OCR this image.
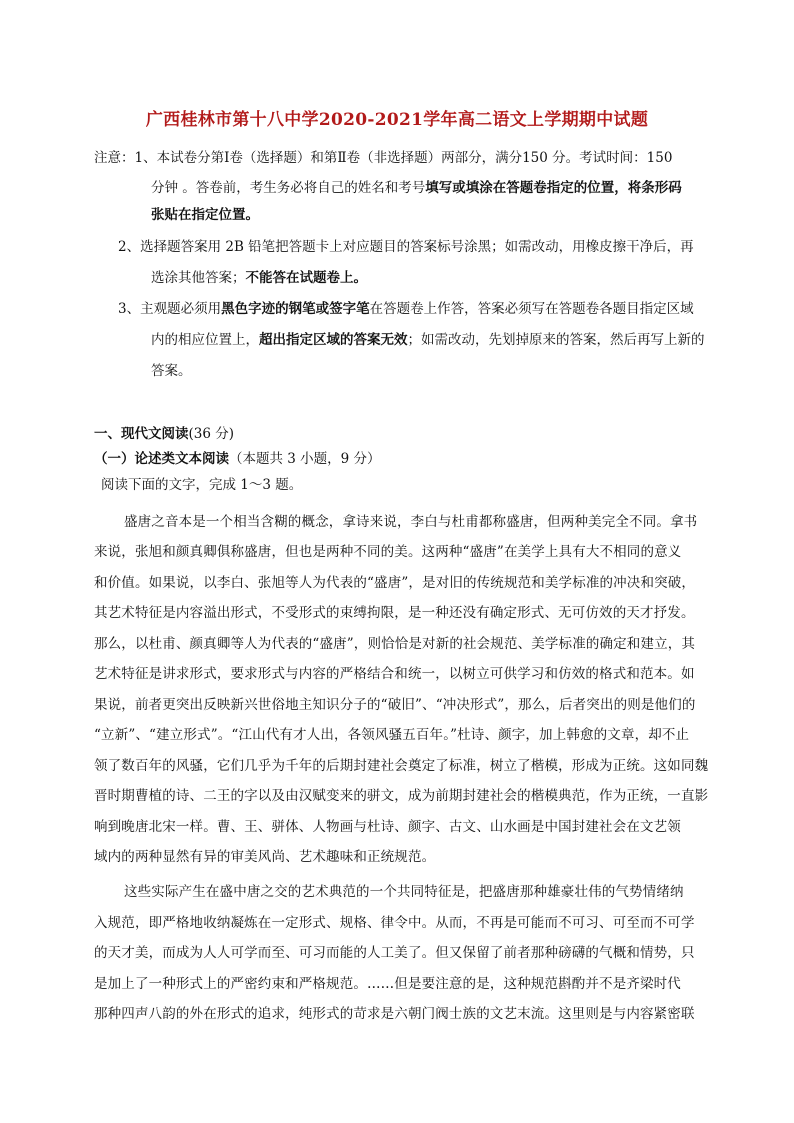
广西桂林市第十八中学2020-2021学年高二语文上学期期中试题
注意：1、本试卷分第Ⅰ卷（选择题）和第Ⅱ卷（非选择题）两部分，满分150 分。考试时间：150
分钟 。答卷前，考生务必将自己的姓名和考号填写或填涂在答题卷指定的位置，将条形码
张贴在指定位置。
2、选择题答案用 2B 铅笔把答题卡上对应题目的答案标号涂黑；如需改动，用橡皮擦干净后，再
选涂其他答案；不能答在试题卷上。
3、主观题必须用黑色字迹的钢笔或签字笔在答题卷上作答，答案必须写在答题卷各题目指定区域
内的相应位置上，超出指定区域的答案无效；如需改动，先划掉原来的答案，然后再写上新的
答案。
一、现代文阅读(36 分)
（一）论述类文本阅读（本题共 3 小题，9 分）
阅读下面的文字，完成 1～3 题。
盛唐之音本是一个相当含糊的概念，拿诗来说，李白与杜甫都称盛唐，但两种美完全不同。拿书
来说，张旭和颜真卿俱称盛唐，但也是两种不同的美。这两种“盛唐”在美学上具有大不相同的意义
和价值。如果说，以李白、张旭等人为代表的“盛唐”，是对旧的传统规范和美学标准的冲决和突破，
其艺术特征是内容溢出形式，不受形式的束缚拘限，是一种还没有确定形式、无可仿效的天才抒发。
那么，以杜甫、颜真卿等人为代表的“盛唐”，则恰恰是对新的社会规范、美学标准的确定和建立，其
艺术特征是讲求形式，要求形式与内容的严格结合和统一，以树立可供学习和仿效的格式和范本。如
果说，前者更突出反映新兴世俗地主知识分子的“破旧”、“冲决形式”，那么，后者突出的则是他们的
“立新”、“建立形式”。“江山代有才人出，各领风骚五百年。”杜诗、颜字，加上韩愈的文章，却不止
领了数百年的风骚，它们几乎为千年的后期封建社会奠定了标准，树立了楷模，形成为正统。这如同魏
晋时期曹植的诗、二王的字以及由汉赋变来的骈文，成为前期封建社会的楷模典范，作为正统，一直影
响到晚唐北宋一样。曹、王、骈体、人物画与杜诗、颜字、古文、山水画是中国封建社会在文艺领
域内的两种显然有异的审美风尚、艺术趣味和正统规范。
这些实际产生在盛中唐之交的艺术典范的一个共同特征是，把盛唐那种雄豪壮伟的气势情绪纳
入规范，即严格地收纳凝炼在一定形式、规格、律令中。从而，不再是可能而不可习、可至而不可学
的天才美，而成为人人可学而至、可习而能的人工美了。但又保留了前者那种磅礴的气概和情势，只
是加上了一种形式上的严密约束和严格规范。……但是要注意的是，这种规范斟酌并不是齐梁时代
那种四声八韵的外在形式的追求，纯形式的苛求是六朝门阀士族的文艺末流。这里则是与内容紧密联
